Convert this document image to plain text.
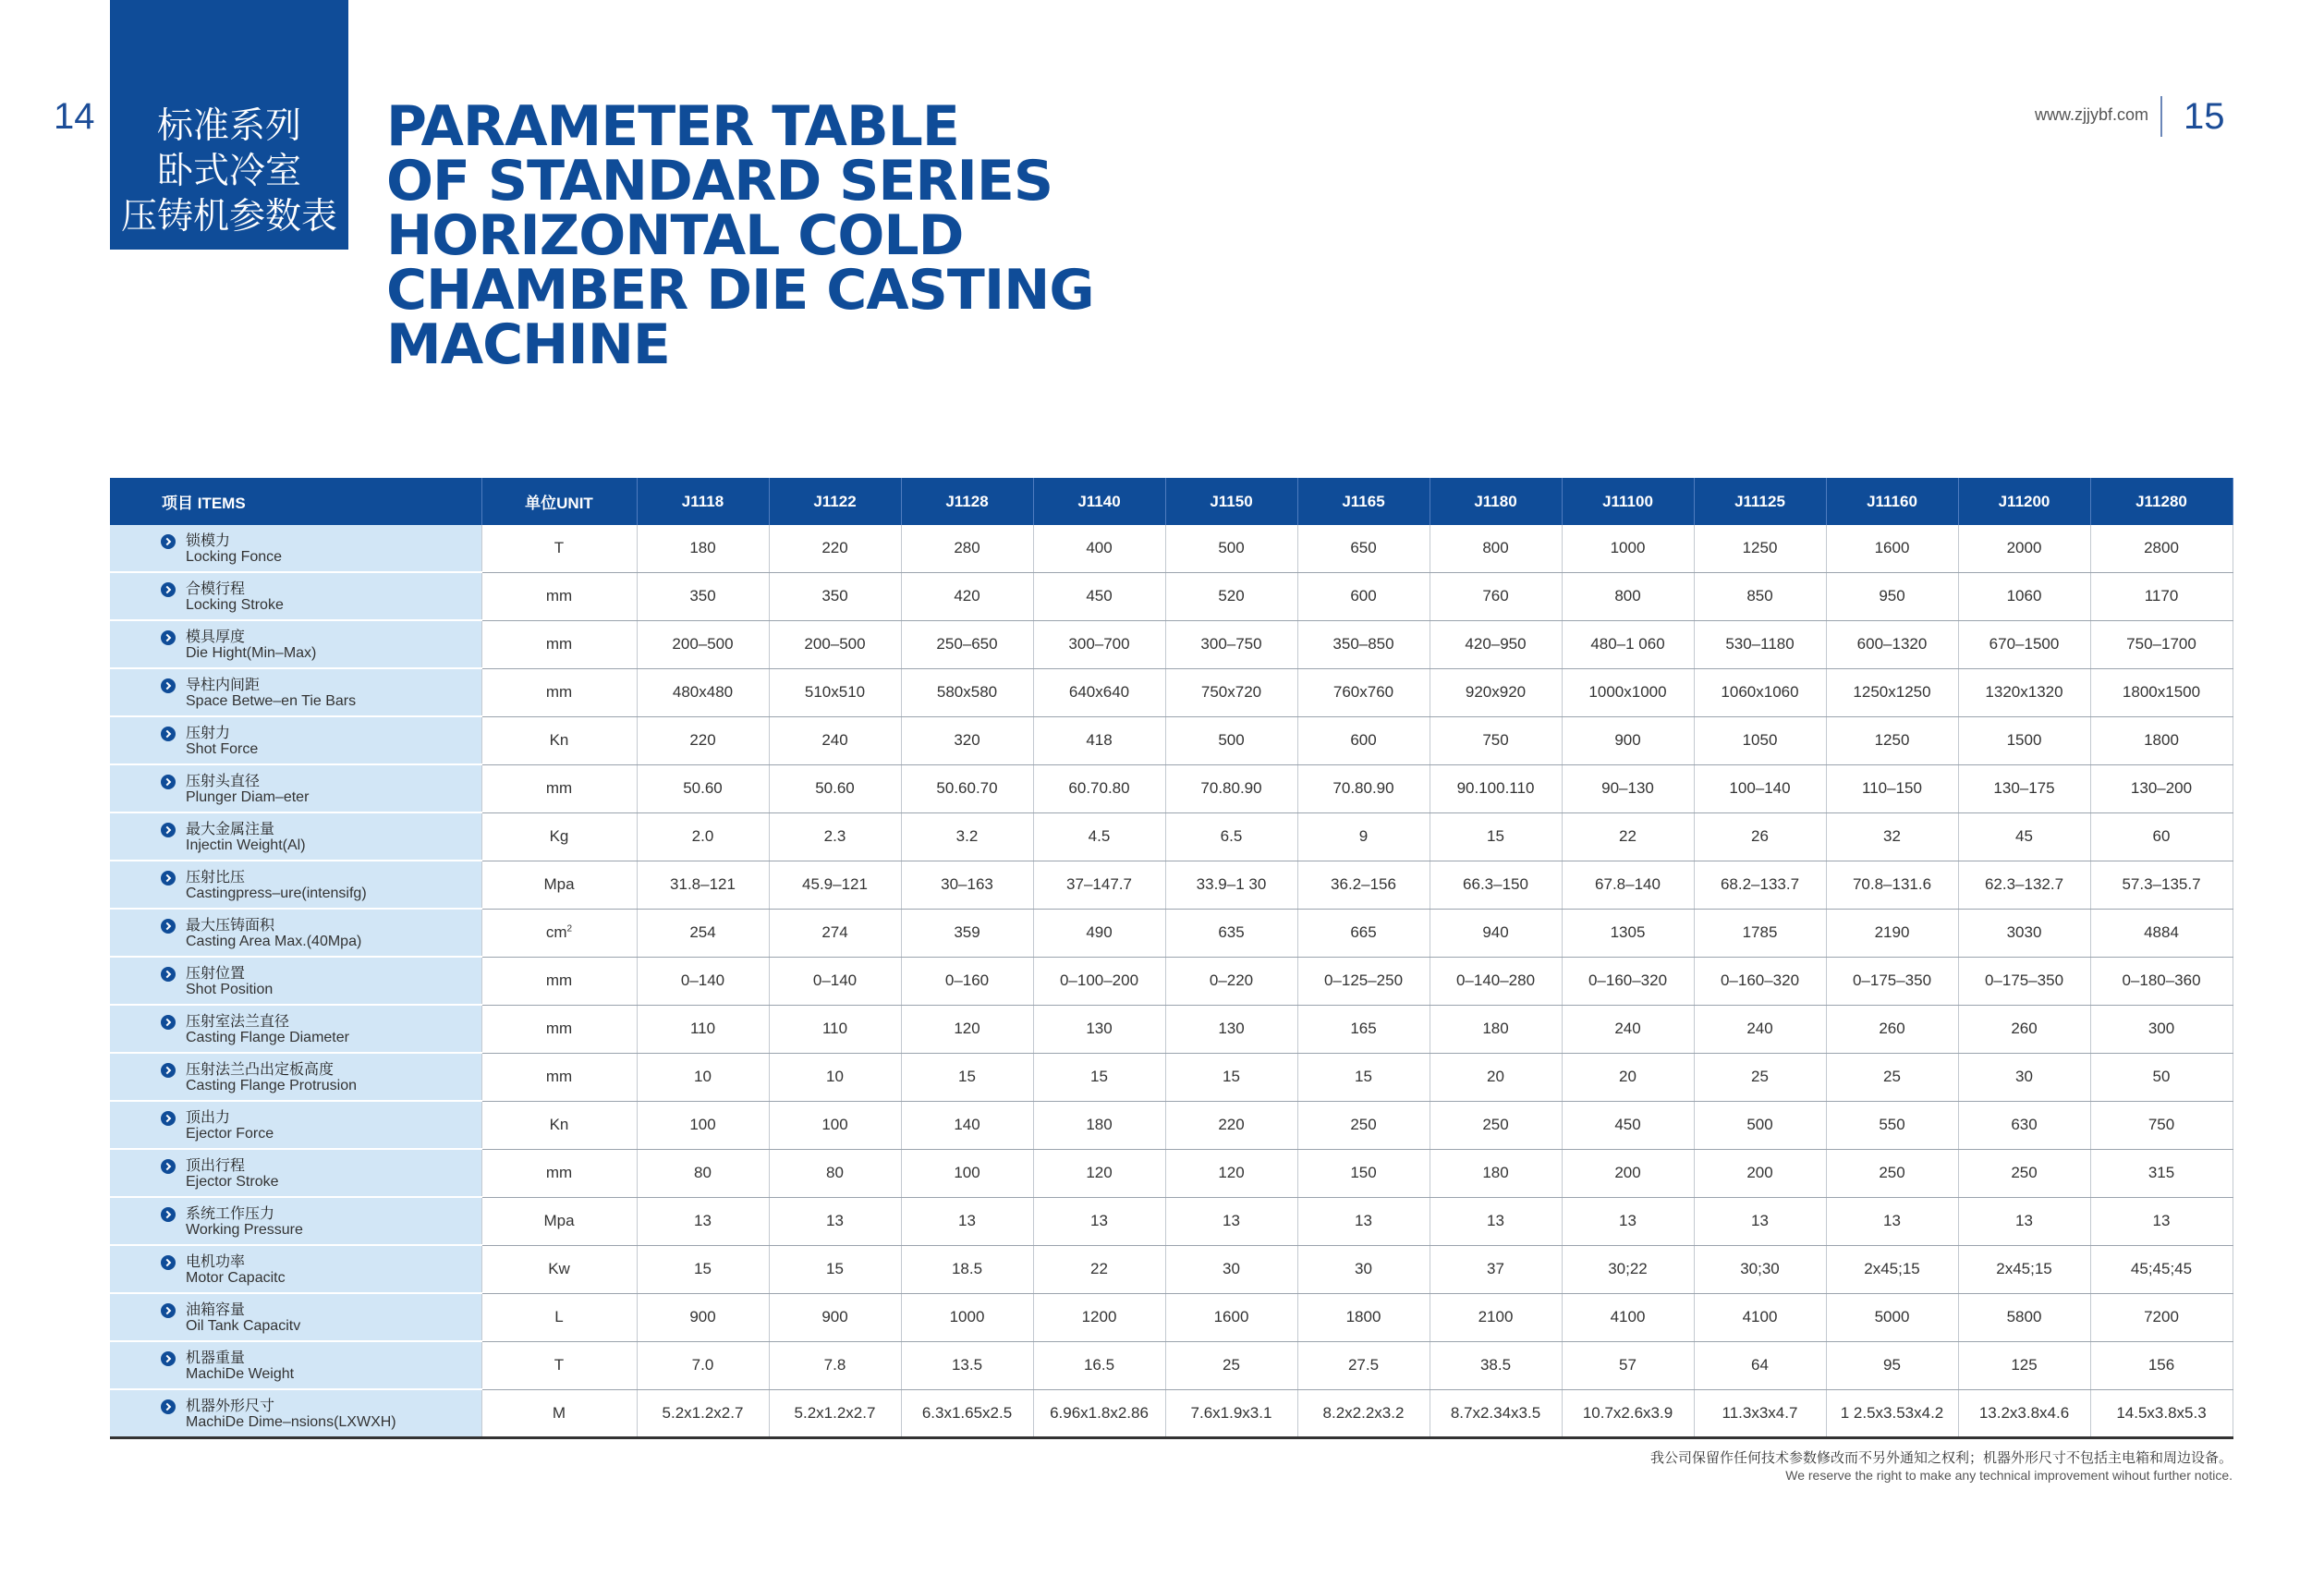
14	标准系列
卧式冷室
压铸机参数表
PARAMETER TABLE
OF STANDARD SERIES
HORIZONTAL COLD
CHAMBER DIE CASTING
MACHINE
www.zjjybf.com 15
项目 ITEMS	单位UNIT	J1118	J1122	J1128	J1140	J1150	J1165	J1180	J11100	J11125	J11160	J11200	J11280

锁模力
Locking Fonce	T	180	220	280	400	500	650	800	1000	1250	1600	2000	2800

合模行程
Locking Stroke	mm	350	350	420	450	520	600	760	800	850	950	1060	1170

模具厚度
Die Hight(Min–Max)	mm	200–500	200–500	250–650	300–700	300–750	350–850	420–950	480–1 060	530–1180	600–1320	670–1500	750–1700

导柱内间距
Space Betwe–en Tie Bars	mm	480x480	510x510	580x580	640x640	750x720	760x760	920x920	1000x1000	1060x1060	1250x1250	1320x1320	1800x1500

压射力
Shot Force	Kn	220	240	320	418	500	600	750	900	1050	1250	1500	1800

压射头直径
Plunger Diam–eter	mm	50.60	50.60	50.60.70	60.70.80	70.80.90	70.80.90	90.100.110	90–130	100–140	110–150	130–175	130–200

最大金属注量
Injectin Weight(Al)	Kg	2.0	2.3	3.2	4.5	6.5	9	15	22	26	32	45	60

压射比压
Castingpress–ure(intensifg)	Mpa	31.8–121	45.9–121	30–163	37–147.7	33.9–1 30	36.2–156	66.3–150	67.8–140	68.2–133.7	70.8–131.6	62.3–132.7	57.3–135.7

最大压铸面积
Casting Area Max.(40Mpa)	$cm^2$	254	274	359	490	635	665	940	1305	1785	2190	3030	4884

压射位置
Shot Position	mm	0–140	0–140	0–160	0–100–200	0–220	0–125–250	0–140–280	0–160–320	0–160–320	0–175–350	0–175–350	0–180–360

压射室法兰直径
Casting Flange Diameter	mm	110	110	120	130	130	165	180	240	240	260	260	300

压射法兰凸出定板高度
Casting Flange Protrusion	mm	10	10	15	15	15	15	20	20	25	25	30	50

顶出力
Ejector Force	Kn	100	100	140	180	220	250	250	450	500	550	630	750

顶出行程
Ejector Stroke	mm	80	80	100	120	120	150	180	200	200	250	250	315

系统工作压力
Working Pressure	Mpa	13	13	13	13	13	13	13	13	13	13	13	13

电机功率
Motor Capacitc	Kw	15	15	18.5	22	30	30	37	30;22	30;30	2x45;15	2x45;15	45;45;45

油箱容量
Oil Tank Capacitv	L	900	900	1000	1200	1600	1800	2100	4100	4100	5000	5800	7200

机器重量
MachiDe Weight	T	7.0	7.8	13.5	16.5	25	27.5	38.5	57	64	95	125	156

机器外形尺寸
MachiDe Dime–nsions(LXWXH)	M	5.2x1.2x2.7	5.2x1.2x2.7	6.3x1.65x2.5	6.96x1.8x2.86	7.6x1.9x3.1	8.2x2.2x3.2	8.7x2.34x3.5	10.7x2.6x3.9	11.3x3x4.7	1 2.5x3.53x4.2	13.2x3.8x4.6	14.5x3.8x5.3
我公司保留作任何技术参数修改而不另外通知之权利；机器外形尺寸不包括主电箱和周边设备。
We reserve the right to make any technical improvement wihout further notice.
